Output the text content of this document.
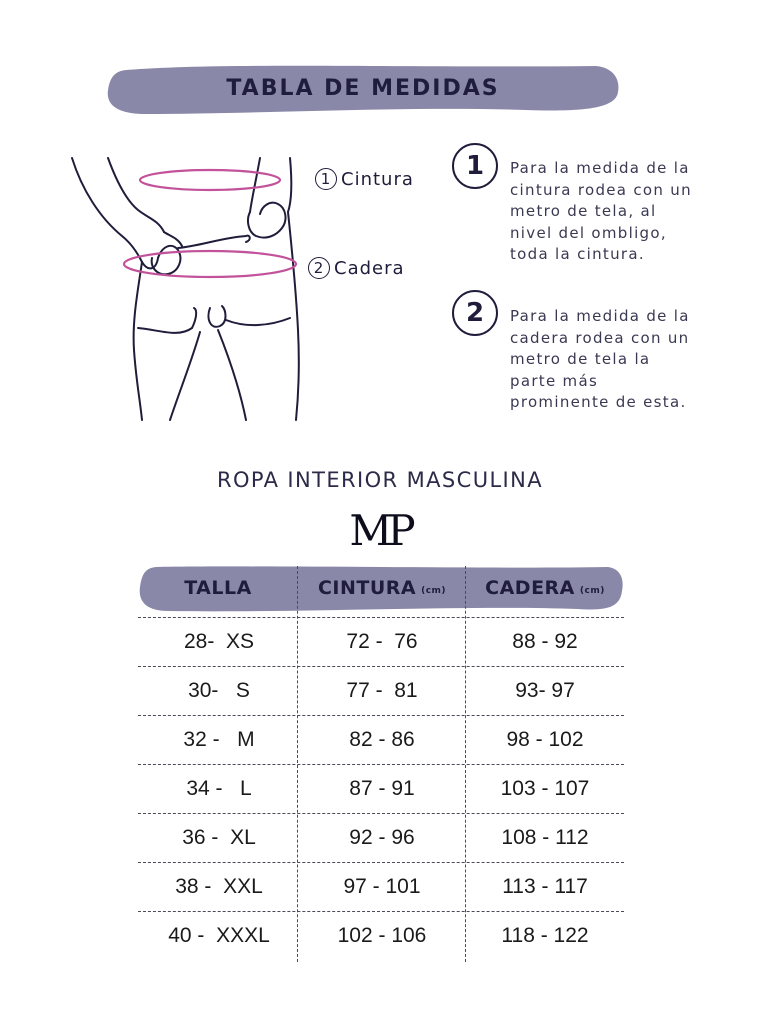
TABLA DE MEDIDAS
1 Cintura
2 Cadera
1	Para la medida de la cintura rodea con un metro de tela, al nivel del ombligo, toda la cintura.
2	Para la medida de la cadera rodea con un metro de tela la parte más prominente de esta.
ROPA INTERIOR MASCULINA
MP
TALLA	CINTURA (cm) CADERA (cm)
28-  XS	72 -  76	88 - 92
30-   S	77 -  81	93- 97
32 -   M	82 - 86	98 - 102
34 -   L	87 - 91	103 - 107
36 -  XL	92 - 96	108 - 112
38 -  XXL	97 - 101	113 - 117
40 -  XXXL	102 - 106	118 - 122
